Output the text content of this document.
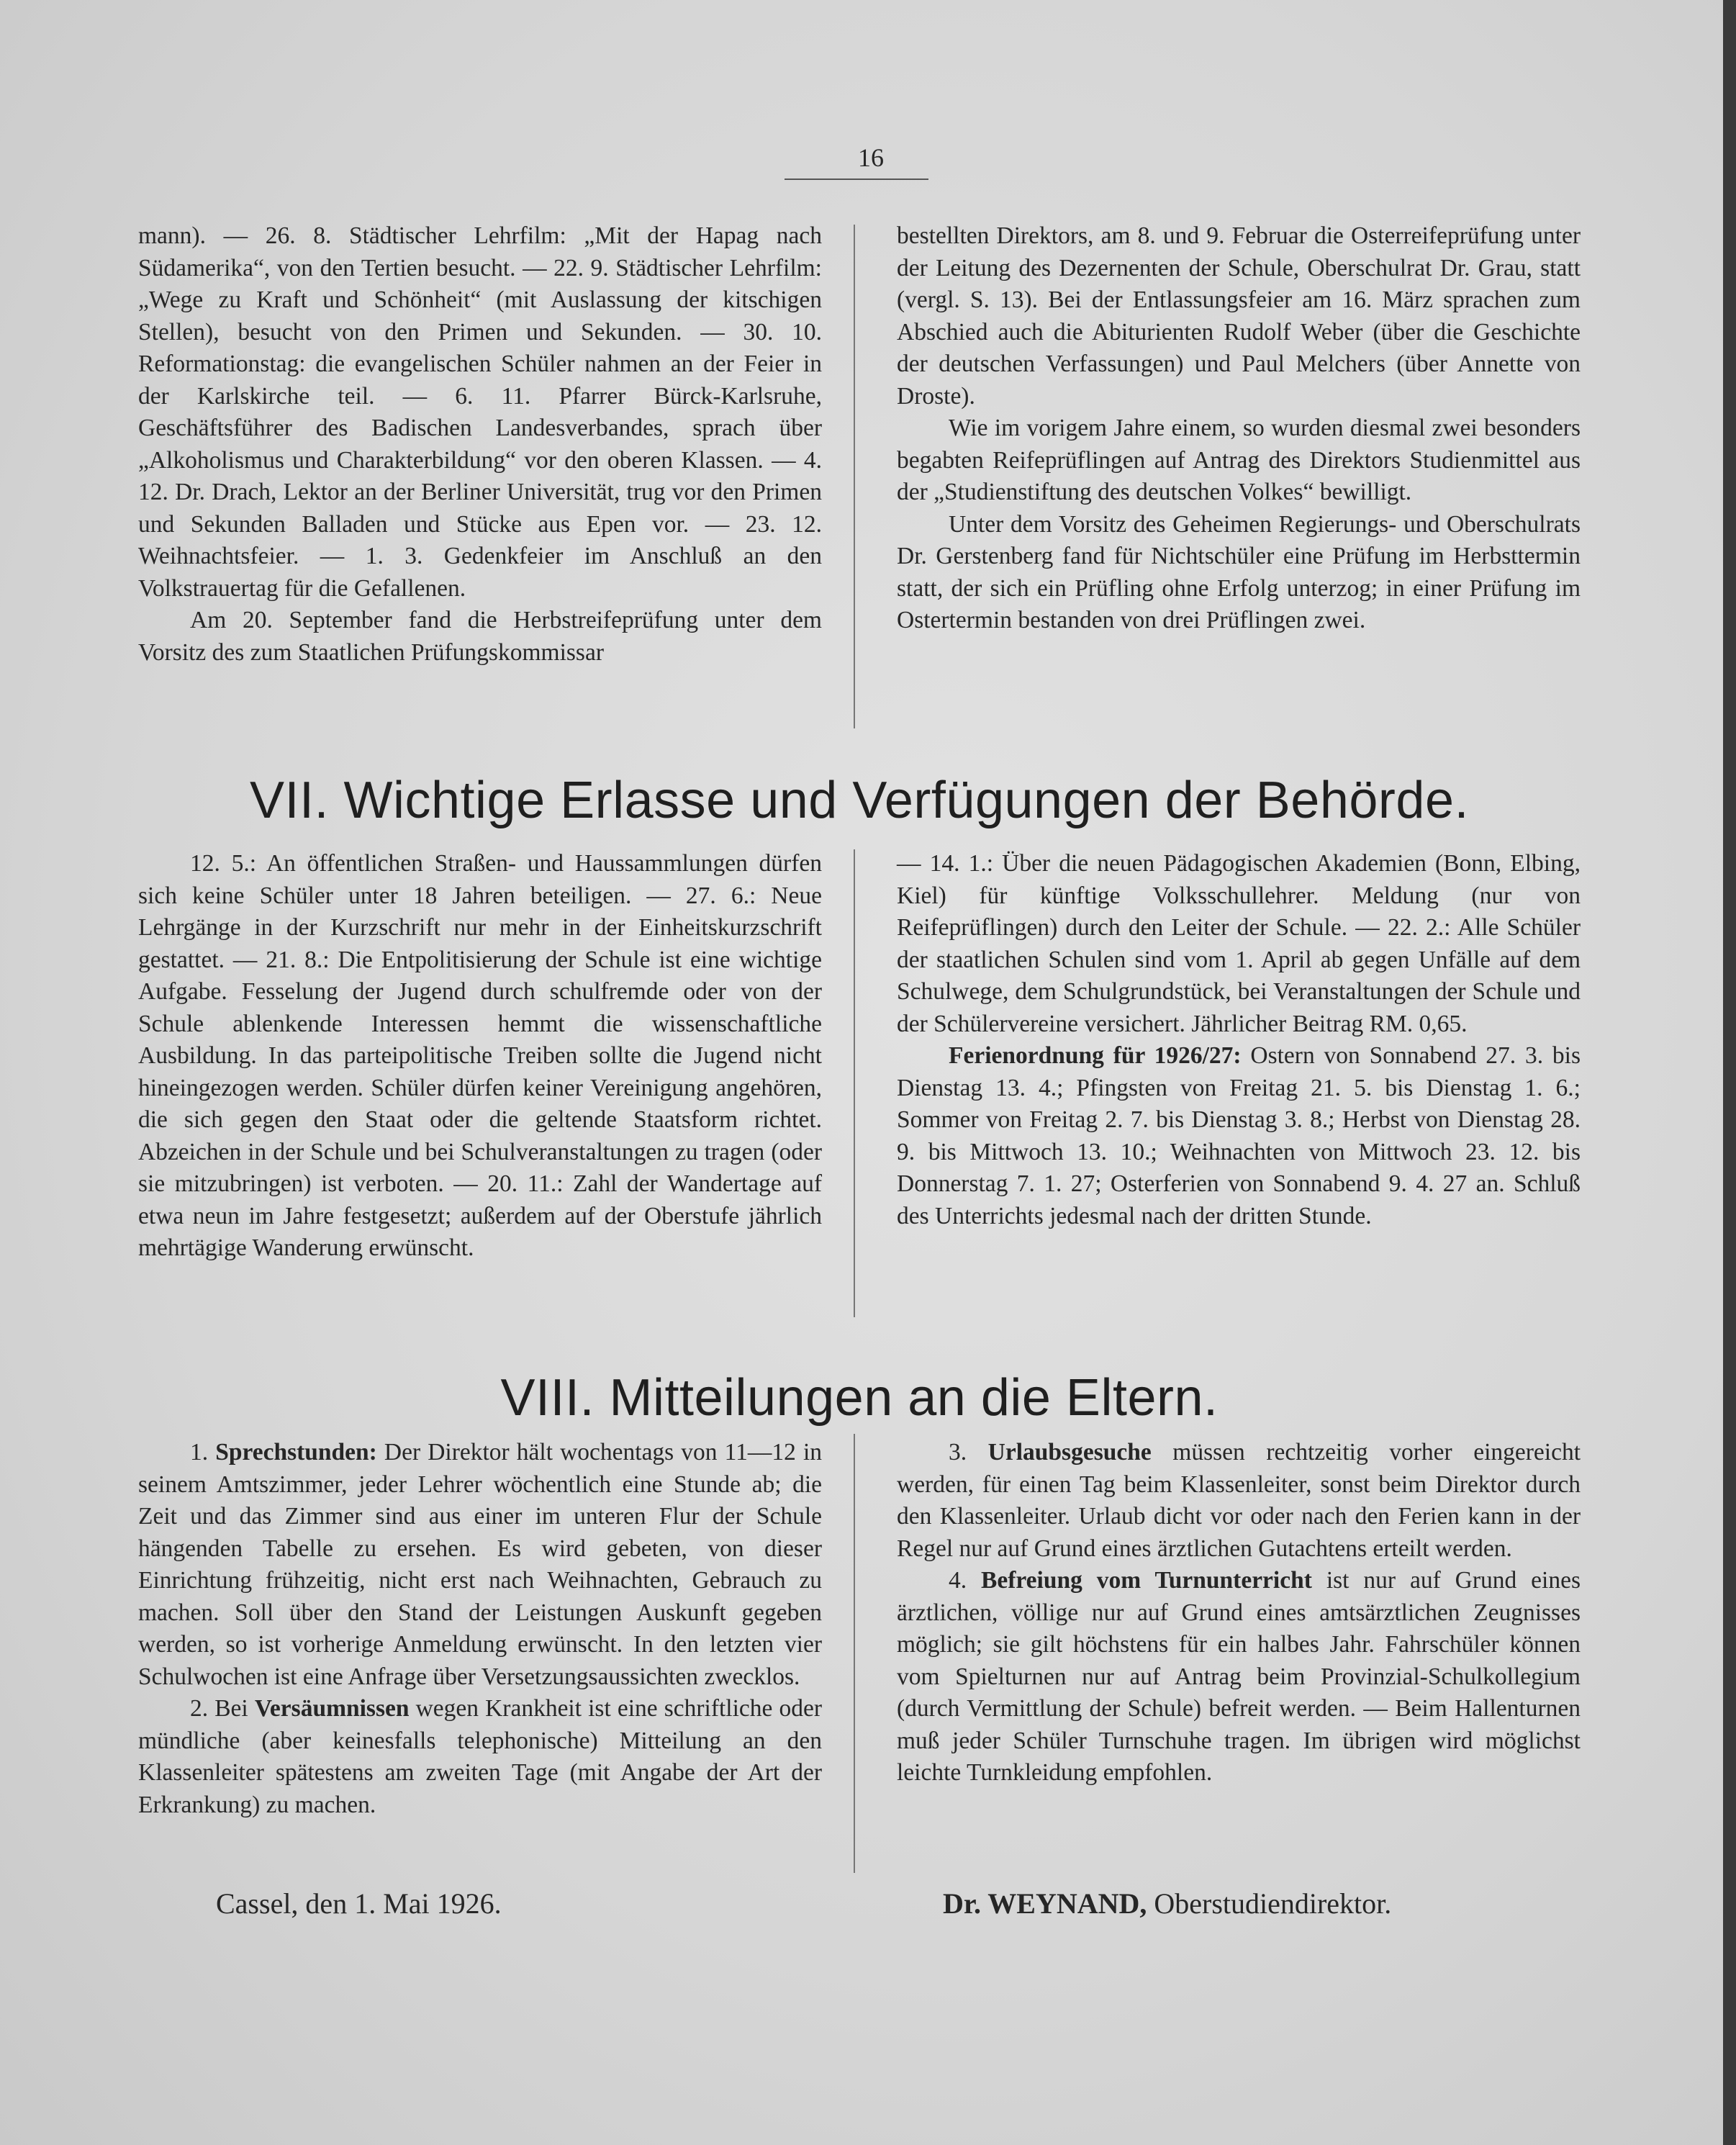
16

mann). — 26. 8. Städtischer Lehrfilm: „Mit der Hapag nach Südamerika“, von den Tertien besucht. — 22. 9. Städtischer Lehrfilm: „Wege zu Kraft und Schönheit“ (mit Auslassung der kitschigen Stellen), besucht von den Primen und Sekunden. — 30. 10. Reformationstag: die evangelischen Schüler nahmen an der Feier in der Karlskirche teil. — 6. 11. Pfarrer Bürck-Karlsruhe, Geschäftsführer des Badischen Landesverbandes, sprach über „Alkoholismus und Charakterbildung“ vor den oberen Klassen. — 4. 12. Dr. Drach, Lektor an der Berliner Universität, trug vor den Primen und Sekunden Balladen und Stücke aus Epen vor. — 23. 12. Weihnachtsfeier. — 1. 3. Gedenkfeier im Anschluß an den Volkstrauertag für die Gefallenen.

Am 20. September fand die Herbstreifeprüfung unter dem Vorsitz des zum Staatlichen Prüfungskommissar

bestellten Direktors, am 8. und 9. Februar die Osterreifeprüfung unter der Leitung des Dezernenten der Schule, Oberschulrat Dr. Grau, statt (vergl. S. 13). Bei der Entlassungsfeier am 16. März sprachen zum Abschied auch die Abiturienten Rudolf Weber (über die Geschichte der deutschen Verfassungen) und Paul Melchers (über Annette von Droste).

Wie im vorigem Jahre einem, so wurden diesmal zwei besonders begabten Reifeprüflingen auf Antrag des Direktors Studienmittel aus der „Studienstiftung des deutschen Volkes“ bewilligt.

Unter dem Vorsitz des Geheimen Regierungs- und Oberschulrats Dr. Gerstenberg fand für Nichtschüler eine Prüfung im Herbsttermin statt, der sich ein Prüfling ohne Erfolg unterzog; in einer Prüfung im Ostertermin bestanden von drei Prüflingen zwei.

VII. Wichtige Erlasse und Verfügungen der Behörde.

12. 5.: An öffentlichen Straßen- und Haussammlungen dürfen sich keine Schüler unter 18 Jahren beteiligen. — 27. 6.: Neue Lehrgänge in der Kurzschrift nur mehr in der Einheitskurzschrift gestattet. — 21. 8.: Die Entpolitisierung der Schule ist eine wichtige Aufgabe. Fesselung der Jugend durch schulfremde oder von der Schule ablenkende Interessen hemmt die wissenschaftliche Ausbildung. In das parteipolitische Treiben sollte die Jugend nicht hineingezogen werden. Schüler dürfen keiner Vereinigung angehören, die sich gegen den Staat oder die geltende Staatsform richtet. Abzeichen in der Schule und bei Schulveranstaltungen zu tragen (oder sie mitzubringen) ist verboten. — 20. 11.: Zahl der Wandertage auf etwa neun im Jahre festgesetzt; außerdem auf der Oberstufe jährlich mehrtägige Wanderung erwünscht.

— 14. 1.: Über die neuen Pädagogischen Akademien (Bonn, Elbing, Kiel) für künftige Volksschullehrer. Meldung (nur von Reifeprüflingen) durch den Leiter der Schule. — 22. 2.: Alle Schüler der staatlichen Schulen sind vom 1. April ab gegen Unfälle auf dem Schulwege, dem Schulgrundstück, bei Veranstaltungen der Schule und der Schülervereine versichert. Jährlicher Beitrag RM. 0,65.

Ferienordnung für 1926/27: Ostern von Sonnabend 27. 3. bis Dienstag 13. 4.; Pfingsten von Freitag 21. 5. bis Dienstag 1. 6.; Sommer von Freitag 2. 7. bis Dienstag 3. 8.; Herbst von Dienstag 28. 9. bis Mittwoch 13. 10.; Weihnachten von Mittwoch 23. 12. bis Donnerstag 7. 1. 27; Osterferien von Sonnabend 9. 4. 27 an. Schluß des Unterrichts jedesmal nach der dritten Stunde.

VIII. Mitteilungen an die Eltern.

1. Sprechstunden: Der Direktor hält wochentags von 11—12 in seinem Amtszimmer, jeder Lehrer wöchentlich eine Stunde ab; die Zeit und das Zimmer sind aus einer im unteren Flur der Schule hängenden Tabelle zu ersehen. Es wird gebeten, von dieser Einrichtung frühzeitig, nicht erst nach Weihnachten, Gebrauch zu machen. Soll über den Stand der Leistungen Auskunft gegeben werden, so ist vorherige Anmeldung erwünscht. In den letzten vier Schulwochen ist eine Anfrage über Versetzungsaussichten zwecklos.

2. Bei Versäumnissen wegen Krankheit ist eine schriftliche oder mündliche (aber keinesfalls telephonische) Mitteilung an den Klassenleiter spätestens am zweiten Tage (mit Angabe der Art der Erkrankung) zu machen.

3. Urlaubsgesuche müssen rechtzeitig vorher eingereicht werden, für einen Tag beim Klassenleiter, sonst beim Direktor durch den Klassenleiter. Urlaub dicht vor oder nach den Ferien kann in der Regel nur auf Grund eines ärztlichen Gutachtens erteilt werden.

4. Befreiung vom Turnunterricht ist nur auf Grund eines ärztlichen, völlige nur auf Grund eines amtsärztlichen Zeugnisses möglich; sie gilt höchstens für ein halbes Jahr. Fahrschüler können vom Spielturnen nur auf Antrag beim Provinzial-Schulkollegium (durch Vermittlung der Schule) befreit werden. — Beim Hallenturnen muß jeder Schüler Turnschuhe tragen. Im übrigen wird möglichst leichte Turnkleidung empfohlen.

Cassel, den 1. Mai 1926.	Dr. WEYNAND, Oberstudiendirektor.
